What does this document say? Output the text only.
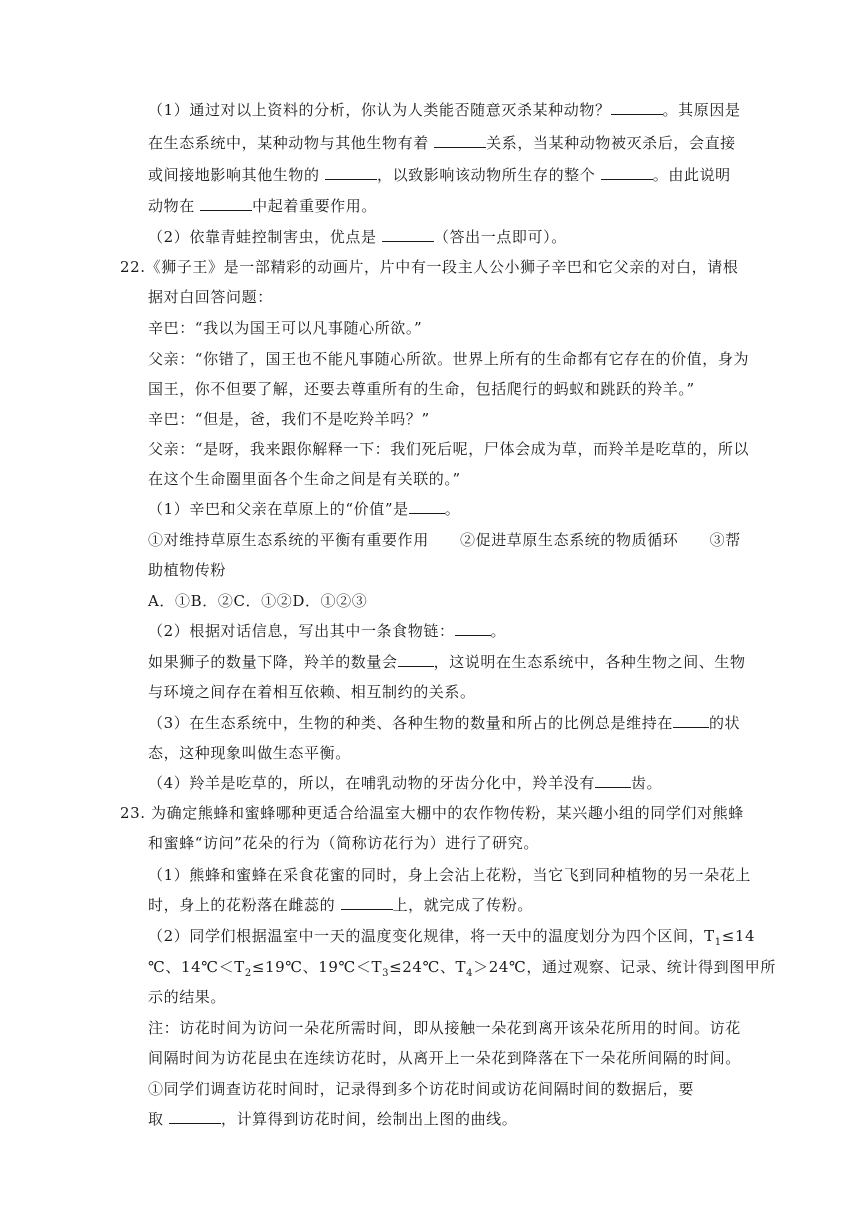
（1）通过对以上资料的分析，你认为人类能否随意灭杀某种动物？	。其原因是
在生态系统中，某种动物与其他生物有着	关系，当某种动物被灭杀后，会直接
或间接地影响其他生物的	，以致影响该动物所生存的整个	。由此说明
动物在	中起着重要作用。
（2）依靠青蛙控制害虫，优点是	（答出一点即可）。
22.《狮子王》是一部精彩的动画片，片中有一段主人公小狮子辛巴和它父亲的对白，请根
据对白回答问题：
辛巴：“我以为国王可以凡事随心所欲。”
父亲：“你错了，国王也不能凡事随心所欲。世界上所有的生命都有它存在的价值，身为
国王，你不但要了解，还要去尊重所有的生命，包括爬行的蚂蚁和跳跃的羚羊。”
辛巴：“但是，爸，我们不是吃羚羊吗？”
父亲：“是呀，我来跟你解释一下：我们死后呢，尸体会成为草，而羚羊是吃草的，所以
在这个生命圈里面各个生命之间是有关联的。”
（1）辛巴和父亲在草原上的“价值”是 。
①对维持草原生态系统的平衡有重要作用　　②促进草原生态系统的物质循环　　③帮
助植物传粉
A．①B．②C．①②D．①②③
（2）根据对话信息，写出其中一条食物链： 。
如果狮子的数量下降，羚羊的数量会 ，这说明在生态系统中，各种生物之间、生物
与环境之间存在着相互依赖、相互制约的关系。
（3）在生态系统中，生物的种类、各种生物的数量和所占的比例总是维持在 的状
态，这种现象叫做生态平衡。
（4）羚羊是吃草的，所以，在哺乳动物的牙齿分化中，羚羊没有 齿。
23. 为确定熊蜂和蜜蜂哪种更适合给温室大棚中的农作物传粉，某兴趣小组的同学们对熊蜂
和蜜蜂“访问”花朵的行为（简称访花行为）进行了研究。
（1）熊蜂和蜜蜂在采食花蜜的同时，身上会沾上花粉，当它飞到同种植物的另一朵花上
时，身上的花粉落在雌蕊的	上，就完成了传粉。
（2）同学们根据温室中一天的温度变化规律，将一天中的温度划分为四个区间，$T_1\le 14$
℃、$14℃<T_2\le 19℃$、$19℃<T_3\le 24℃$、$T_4>24℃$，通过观察、记录、统计得到图甲所
示的结果。
注：访花时间为访问一朵花所需时间，即从接触一朵花到离开该朵花所用的时间。访花
间隔时间为访花昆虫在连续访花时，从离开上一朵花到降落在下一朵花所间隔的时间。
①同学们调查访花时间时，记录得到多个访花时间或访花间隔时间的数据后，要
取	，计算得到访花时间，绘制出上图的曲线。
